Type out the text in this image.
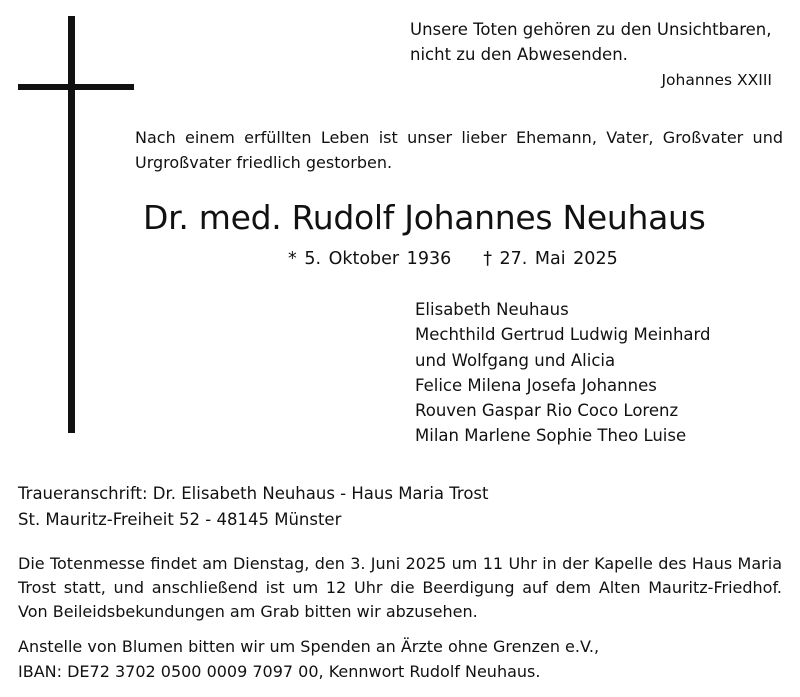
Unsere Toten gehören zu den Unsichtbaren,
nicht zu den Abwesenden.
Johannes XXIII
Nach einem erfüllten Leben ist unser lieber Ehemann, Vater, Großvater und Urgroßvater friedlich gestorben.
Dr. med. Rudolf Johannes Neuhaus
* 5. Oktober 1936 † 27. Mai 2025
Elisabeth Neuhaus
Mechthild Gertrud Ludwig Meinhard
und Wolfgang und Alicia
Felice Milena Josefa Johannes
Rouven Gaspar Rio Coco Lorenz
Milan Marlene Sophie Theo Luise
Traueranschrift: Dr. Elisabeth Neuhaus - Haus Maria Trost
St. Mauritz-Freiheit 52 - 48145 Münster
Die Totenmesse findet am Dienstag, den 3. Juni 2025 um 11 Uhr in der Kapelle des Haus Maria Trost statt, und anschließend ist um 12 Uhr die Beerdigung auf dem Alten Mauritz-Friedhof. Von Beileidsbekundungen am Grab bitten wir abzusehen.
Anstelle von Blumen bitten wir um Spenden an Ärzte ohne Grenzen e.V.,
IBAN: DE72 3702 0500 0009 7097 00, Kennwort Rudolf Neuhaus.
